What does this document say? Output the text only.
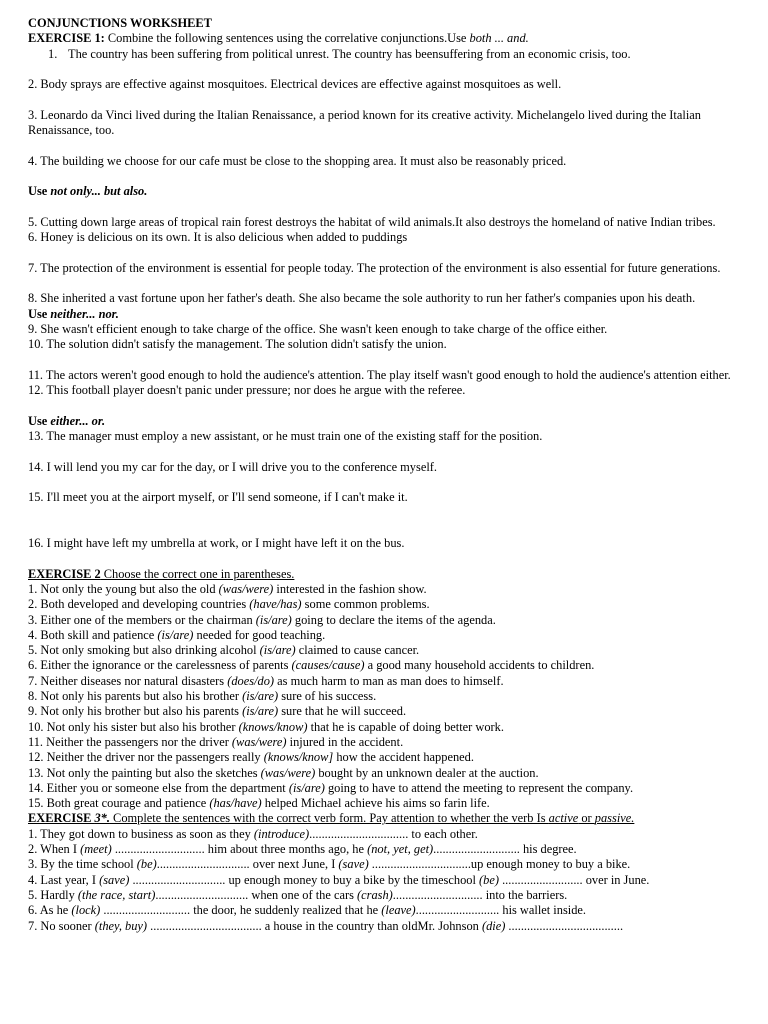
CONJUNCTIONS WORKSHEET

EXERCISE 1: Combine the following sentences using the correlative conjunctions.Use both ... and.

1. The country has been suffering from political unrest. The country has beensuffering from an economic crisis, too.

2. Body sprays are effective against mosquitoes. Electrical devices are effective against mosquitoes as well.

3. Leonardo da Vinci lived during the Italian Renaissance, a period known for its creative activity. Michelangelo lived during the Italian Renaissance, too.

4. The building we choose for our cafe must be close to the shopping area. It must also be reasonably priced.

Use not only... but also.

5. Cutting down large areas of tropical rain forest destroys the habitat of wild animals.It also destroys the homeland of native Indian tribes.

6. Honey is delicious on its own. It is also delicious when added to puddings

7. The protection of the environment is essential for people today. The protection of the environment is also essential for future generations.

8. She inherited a vast fortune upon her father's death. She also became the sole authority to run her father's companies upon his death.

Use neither... nor.

9. She wasn't efficient enough to take charge of the office. She wasn't keen enough to take charge of the office either.

10. The solution didn't satisfy the management. The solution didn't satisfy the union.

11. The actors weren't good enough to hold the audience's attention. The play itself wasn't good enough to hold the audience's attention either.

12. This football player doesn't panic under pressure; nor does he argue with the referee.

Use either... or.

13. The manager must employ a new assistant, or he must train one of the existing staff for the position.

14. I will lend you my car for the day, or I will drive you to the conference myself.

15. I'll meet you at the airport myself, or I'll send someone, if I can't make it.

16. I might have left my umbrella at work, or I might have left it on the bus.

EXERCISE 2 Choose the correct one in parentheses.

1. Not only the young but also the old (was/were) interested in the fashion show.

2. Both developed and developing countries (have/has) some common problems.

3. Either one of the members or the chairman (is/are) going to declare the items of the agenda.

4. Both skill and patience (is/are) needed for good teaching.

5. Not only smoking but also drinking alcohol (is/are) claimed to cause cancer.

6. Either the ignorance or the carelessness of parents (causes/cause) a good many household accidents to children.

7. Neither diseases nor natural disasters (does/do) as much harm to man as man does to himself.

8. Not only his parents but also his brother (is/are) sure of his success.

9. Not only his brother but also his parents (is/are) sure that he will succeed.

10. Not only his sister but also his brother (knows/know) that he is capable of doing better work.

11. Neither the passengers nor the driver (was/were) injured in the accident.

12. Neither the driver nor the passengers really (knows/know] how the accident happened.

13. Not only the painting but also the sketches (was/were) bought by an unknown dealer at the auction.

14. Either you or someone else from the department (is/are) going to have to attend the meeting to represent the company.

15. Both great courage and patience (has/have) helped Michael achieve his aims so farin life.

EXERCISE 3*. Complete the sentences with the correct verb form. Pay attention to whether the verb Is active or passive.

1. They got down to business as soon as they (introduce)................................ to each other.

2. When I (meet) ............................. him about three months ago, he (not, yet, get)............................ his degree.

3. By the time school (be).............................. over next June, I (save) ................................up enough money to buy a bike.

4. Last year, I (save) .............................. up enough money to buy a bike by the timeschool (be) .......................... over in June.

5. Hardly (the race, start).............................. when one of the cars (crash)............................. into the barriers.

6. As he (lock) ............................ the door, he suddenly realized that he (leave)........................... his wallet inside.

7. No sooner (they, buy) .................................... a house in the country than oldMr. Johnson (die) .....................................
